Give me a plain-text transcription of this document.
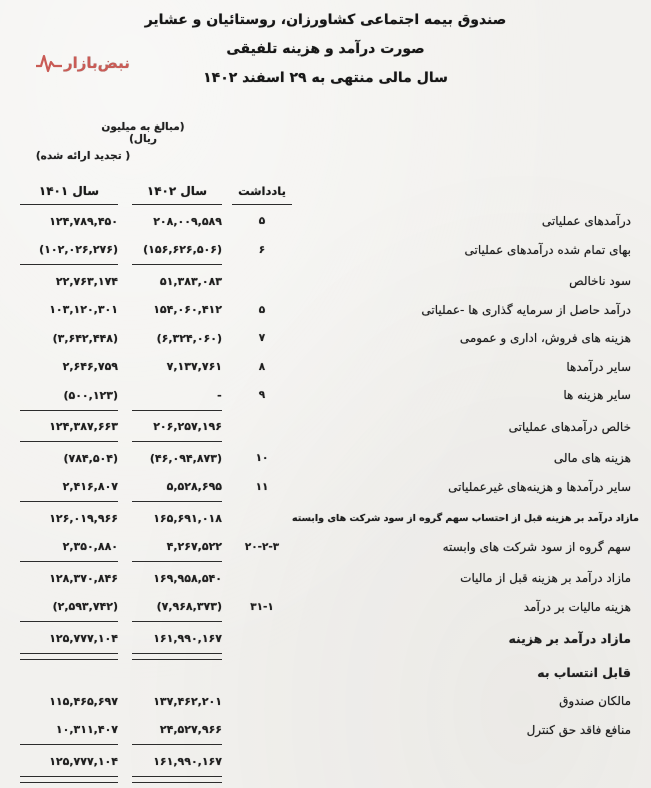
نبض‌بازار
صندوق بیمه اجتماعی کشاورزان، روستائیان و عشایر
صورت درآمد و هزینه تلفیقی
سال مالی منتهی به ۲۹ اسفند ۱۴۰۲
(مبالغ به میلیون ریال)
( تجدید ارائه شده)
سال ۱۴۰۱	سال ۱۴۰۲	یادداشت
۱۲۴,۷۸۹,۴۵۰	۲۰۸,۰۰۹,۵۸۹	۵	درآمدهای عملیاتی
(۱۰۲,۰۲۶,۲۷۶)	(۱۵۶,۶۲۶,۵۰۶)	۶	بهای تمام شده درآمدهای عملیاتی
۲۲,۷۶۳,۱۷۴	۵۱,۳۸۳,۰۸۳	سود ناخالص
۱۰۳,۱۲۰,۳۰۱	۱۵۴,۰۶۰,۴۱۲	۵	درآمد حاصل از سرمایه گذاری ها -عملیاتی
(۳,۶۴۲,۴۴۸)	(۶,۳۲۴,۰۶۰)	۷	هزینه های فروش، اداری و عمومی
۲,۶۴۶,۷۵۹	۷,۱۳۷,۷۶۱	۸	سایر درآمدها
(۵۰۰,۱۲۳)	-	۹	سایر هزینه ها
۱۲۴,۳۸۷,۶۶۳	۲۰۶,۲۵۷,۱۹۶	خالص درآمدهای عملیاتی
(۷۸۴,۵۰۴)	(۴۶,۰۹۴,۸۷۳)	۱۰	هزینه های مالی
۲,۴۱۶,۸۰۷	۵,۵۲۸,۶۹۵	۱۱	سایر درآمدها و هزینه‌های غیرعملیاتی
۱۲۶,۰۱۹,۹۶۶	۱۶۵,۶۹۱,۰۱۸	مازاد درآمد بر هزینه قبل از احتساب سهم گروه از سود شرکت های وابسته
۲,۳۵۰,۸۸۰	۴,۲۶۷,۵۲۲	۲۰-۲-۳	سهم گروه از سود شرکت های وابسته
۱۲۸,۳۷۰,۸۴۶	۱۶۹,۹۵۸,۵۴۰	مازاد درآمد بر هزینه قبل از مالیات
(۲,۵۹۳,۷۴۲)	(۷,۹۶۸,۳۷۳)	۳۱-۱	هزینه مالیات بر درآمد
۱۲۵,۷۷۷,۱۰۴	۱۶۱,۹۹۰,۱۶۷	مازاد درآمد بر هزینه
قابل انتساب به
۱۱۵,۴۶۵,۶۹۷	۱۳۷,۴۶۲,۲۰۱	مالکان صندوق
۱۰,۳۱۱,۴۰۷	۲۴,۵۲۷,۹۶۶	منافع فاقد حق کنترل
۱۲۵,۷۷۷,۱۰۴	۱۶۱,۹۹۰,۱۶۷
